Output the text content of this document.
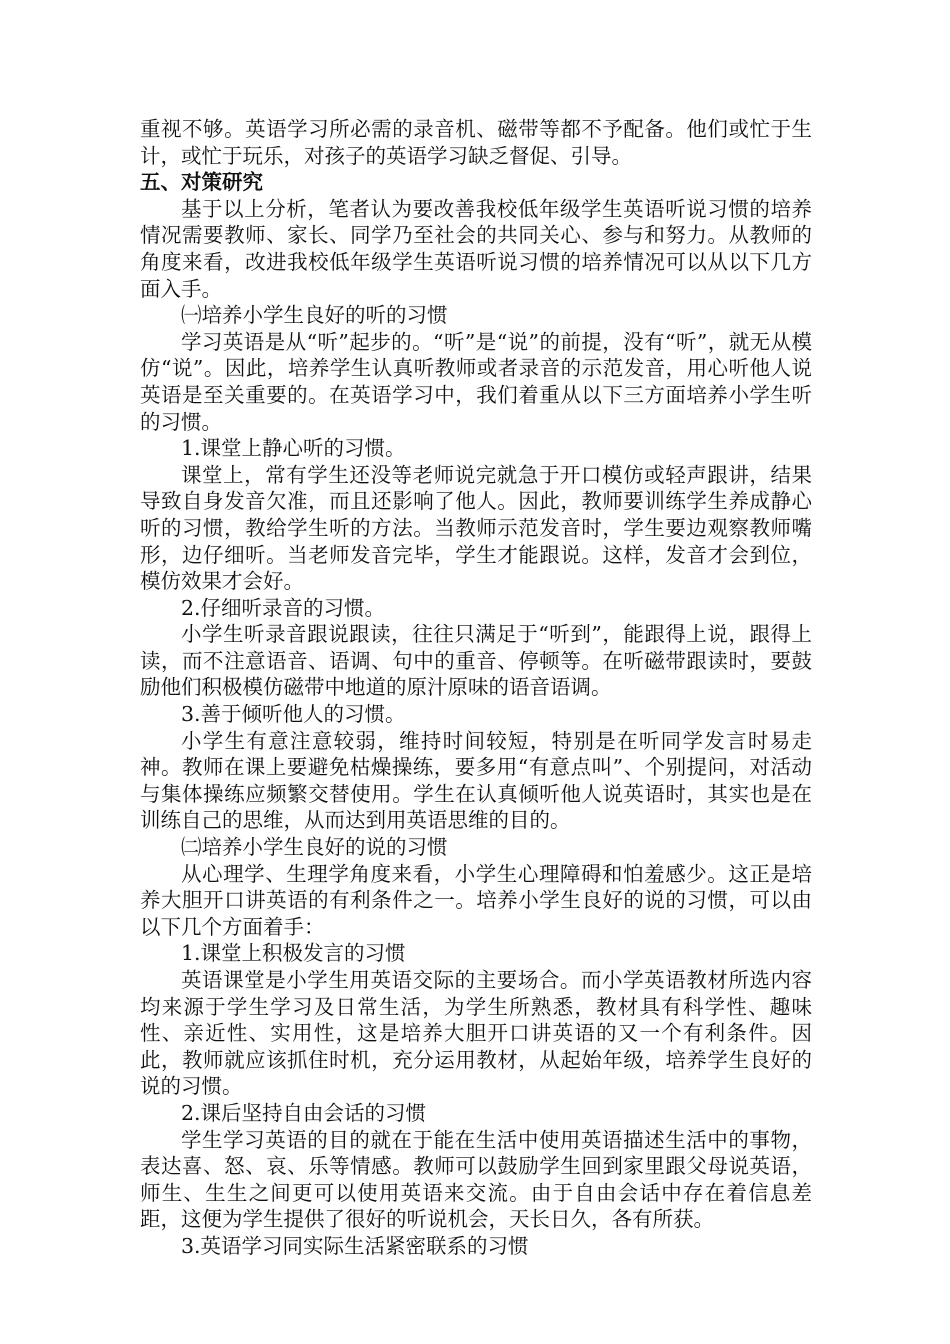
重视不够。英语学习所必需的录音机、磁带等都不予配备。他们或忙于生计，或忙于玩乐，对孩子的英语学习缺乏督促、引导。

五、对策研究

基于以上分析，笔者认为要改善我校低年级学生英语听说习惯的培养情况需要教师、家长、同学乃至社会的共同关心、参与和努力。从教师的角度来看，改进我校低年级学生英语听说习惯的培养情况可以从以下几方面入手。

㈠培养小学生良好的听的习惯

学习英语是从“听”起步的。“听”是“说”的前提，没有“听”，就无从模仿“说”。因此，培养学生认真听教师或者录音的示范发音，用心听他人说英语是至关重要的。在英语学习中，我们着重从以下三方面培养小学生听的习惯。

1.课堂上静心听的习惯。

课堂上，常有学生还没等老师说完就急于开口模仿或轻声跟讲，结果导致自身发音欠准，而且还影响了他人。因此，教师要训练学生养成静心听的习惯，教给学生听的方法。当教师示范发音时，学生要边观察教师嘴形，边仔细听。当老师发音完毕，学生才能跟说。这样，发音才会到位，模仿效果才会好。

2.仔细听录音的习惯。

小学生听录音跟说跟读，往往只满足于“听到”，能跟得上说，跟得上读，而不注意语音、语调、句中的重音、停顿等。在听磁带跟读时，要鼓励他们积极模仿磁带中地道的原汁原味的语音语调。

3.善于倾听他人的习惯。

小学生有意注意较弱，维持时间较短，特别是在听同学发言时易走神。教师在课上要避免枯燥操练，要多用“有意点叫”、个别提问，对活动与集体操练应频繁交替使用。学生在认真倾听他人说英语时，其实也是在训练自己的思维，从而达到用英语思维的目的。

㈡培养小学生良好的说的习惯

从心理学、生理学角度来看，小学生心理障碍和怕羞感少。这正是培养大胆开口讲英语的有利条件之一。培养小学生良好的说的习惯，可以由以下几个方面着手：

1.课堂上积极发言的习惯

英语课堂是小学生用英语交际的主要场合。而小学英语教材所选内容均来源于学生学习及日常生活，为学生所熟悉，教材具有科学性、趣味性、亲近性、实用性，这是培养大胆开口讲英语的又一个有利条件。因此，教师就应该抓住时机，充分运用教材，从起始年级，培养学生良好的说的习惯。

2.课后坚持自由会话的习惯

学生学习英语的目的就在于能在生活中使用英语描述生活中的事物，表达喜、怒、哀、乐等情感。教师可以鼓励学生回到家里跟父母说英语，师生、生生之间更可以使用英语来交流。由于自由会话中存在着信息差距，这便为学生提供了很好的听说机会，天长日久，各有所获。

3.英语学习同实际生活紧密联系的习惯
